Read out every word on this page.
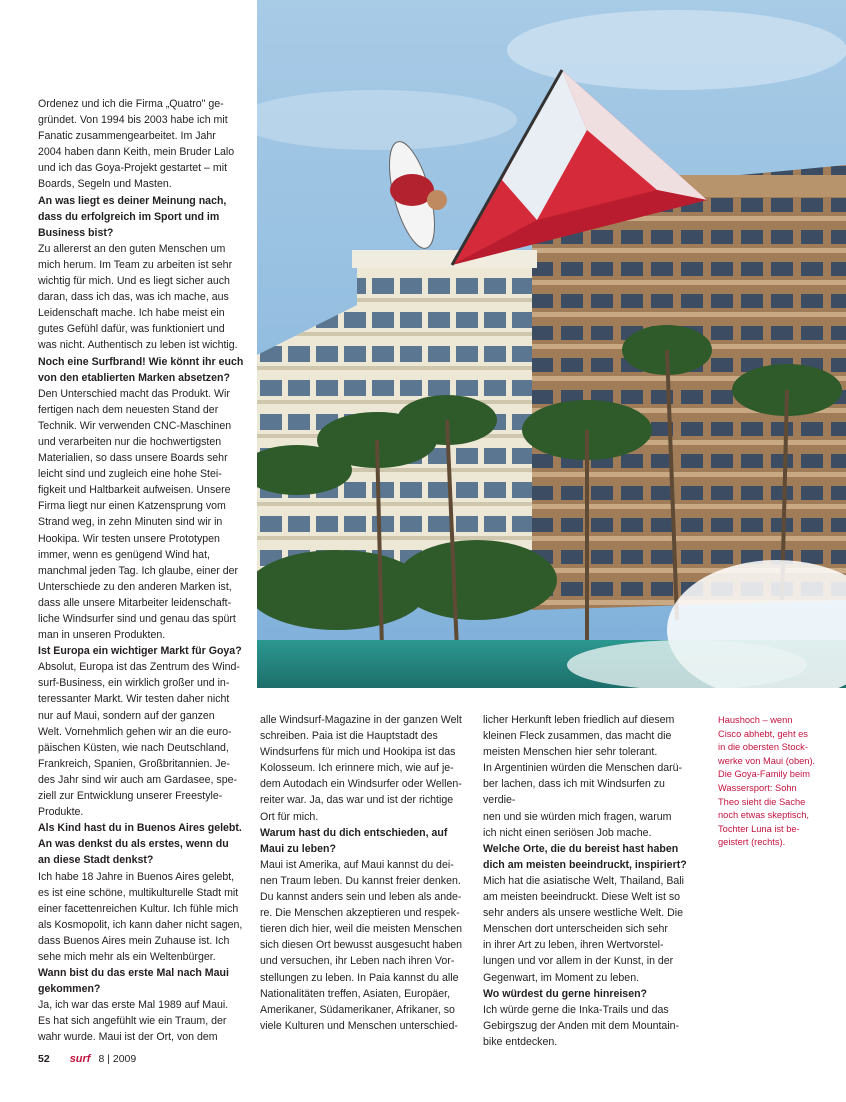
Ordenez und ich die Firma „Quatro" ge-

gründet. Von 1994 bis 2003 habe ich mit

Fanatic zusammengearbeitet. Im Jahr

2004 haben dann Keith, mein Bruder Lalo

und ich das Goya-Projekt gestartet – mit

Boards, Segeln und Masten.

An was liegt es deiner Meinung nach,

dass du erfolgreich im Sport und im

Business bist?

Zu allererst an den guten Menschen um

mich herum. Im Team zu arbeiten ist sehr

wichtig für mich. Und es liegt sicher auch

daran, dass ich das, was ich mache, aus

Leidenschaft mache. Ich habe meist ein

gutes Gefühl dafür, was funktioniert und

was nicht. Authentisch zu leben ist wichtig.

Noch eine Surfbrand! Wie könnt ihr euch

von den etablierten Marken absetzen?

Den Unterschied macht das Produkt. Wir

fertigen nach dem neuesten Stand der

Technik. Wir verwenden CNC-Maschinen

und verarbeiten nur die hochwertigsten

Materialien, so dass unsere Boards sehr

leicht sind und zugleich eine hohe Stei-

figkeit und Haltbarkeit aufweisen. Unsere

Firma liegt nur einen Katzensprung vom

Strand weg, in zehn Minuten sind wir in

Hookipa. Wir testen unsere Prototypen

immer, wenn es genügend Wind hat,

manchmal jeden Tag. Ich glaube, einer der

Unterschiede zu den anderen Marken ist,

dass alle unsere Mitarbeiter leidenschaft-

liche Windsurfer sind und genau das spürt

man in unseren Produkten.

Ist Europa ein wichtiger Markt für Goya?

Absolut, Europa ist das Zentrum des Wind-

surf-Business, ein wirklich großer und in-

teressanter Markt. Wir testen daher nicht

nur auf Maui, sondern auf der ganzen

Welt. Vornehmlich gehen wir an die euro-

päischen Küsten, wie nach Deutschland,

Frankreich, Spanien, Großbritannien. Je-

des Jahr sind wir auch am Gardasee, spe-

ziell zur Entwicklung unserer Freestyle-

Produkte.

Als Kind hast du in Buenos Aires gelebt.

An was denkst du als erstes, wenn du

an diese Stadt denkst?

Ich habe 18 Jahre in Buenos Aires gelebt,

es ist eine schöne, multikulturelle Stadt mit

einer facettenreichen Kultur. Ich fühle mich

als Kosmopolit, ich kann daher nicht sagen,

dass Buenos Aires mein Zuhause ist. Ich

sehe mich mehr als ein Weltenbürger.

Wann bist du das erste Mal nach Maui

gekommen?

Ja, ich war das erste Mal 1989 auf Maui.

Es hat sich angefühlt wie ein Traum, der

wahr wurde. Maui ist der Ort, von dem

alle Windsurf-Magazine in der ganzen Welt

schreiben. Paia ist die Hauptstadt des

Windsurfens für mich und Hookipa ist das

Kolosseum. Ich erinnere mich, wie auf je-

dem Autodach ein Windsurfer oder Wellen-

reiter war. Ja, das war und ist der richtige

Ort für mich.

Warum hast du dich entschieden, auf

Maui zu leben?

Maui ist Amerika, auf Maui kannst du dei-

nen Traum leben. Du kannst freier denken.

Du kannst anders sein und leben als ande-

re. Die Menschen akzeptieren und respek-

tieren dich hier, weil die meisten Menschen

sich diesen Ort bewusst ausgesucht haben

und versuchen, ihr Leben nach ihren Vor-

stellungen zu leben. In Paia kannst du alle

Nationalitäten treffen, Asiaten, Europäer,

Amerikaner, Südamerikaner, Afrikaner, so

viele Kulturen und Menschen unterschied-

licher Herkunft leben friedlich auf diesem

kleinen Fleck zusammen, das macht die

meisten Menschen hier sehr tolerant.

In Argentinien würden die Menschen darü-

ber lachen, dass ich mit Windsurfen zu verdie-

nen und sie würden mich fragen, warum

ich nicht einen seriösen Job mache.

Welche Orte, die du bereist hast haben

dich am meisten beeindruckt, inspiriert?

Mich hat die asiatische Welt, Thailand, Bali

am meisten beeindruckt. Diese Welt ist so

sehr anders als unsere westliche Welt. Die

Menschen dort unterscheiden sich sehr

in ihrer Art zu leben, ihren Wertvorstel-

lungen und vor allem in der Kunst, in der

Gegenwart, im Moment zu leben.

Wo würdest du gerne hinreisen?

Ich würde gerne die Inka-Trails und das

Gebirgszug der Anden mit dem Mountain-

bike entdecken.

Haushoch – wenn
Cisco abhebt, geht es
in die obersten Stock-
werke von Maui (oben).
Die Goya-Family beim
Wassersport: Sohn
Theo sieht die Sache
noch etwas skeptisch,
Tochter Luna ist be-
geistert (rechts).
52 surf 8 | 2009
